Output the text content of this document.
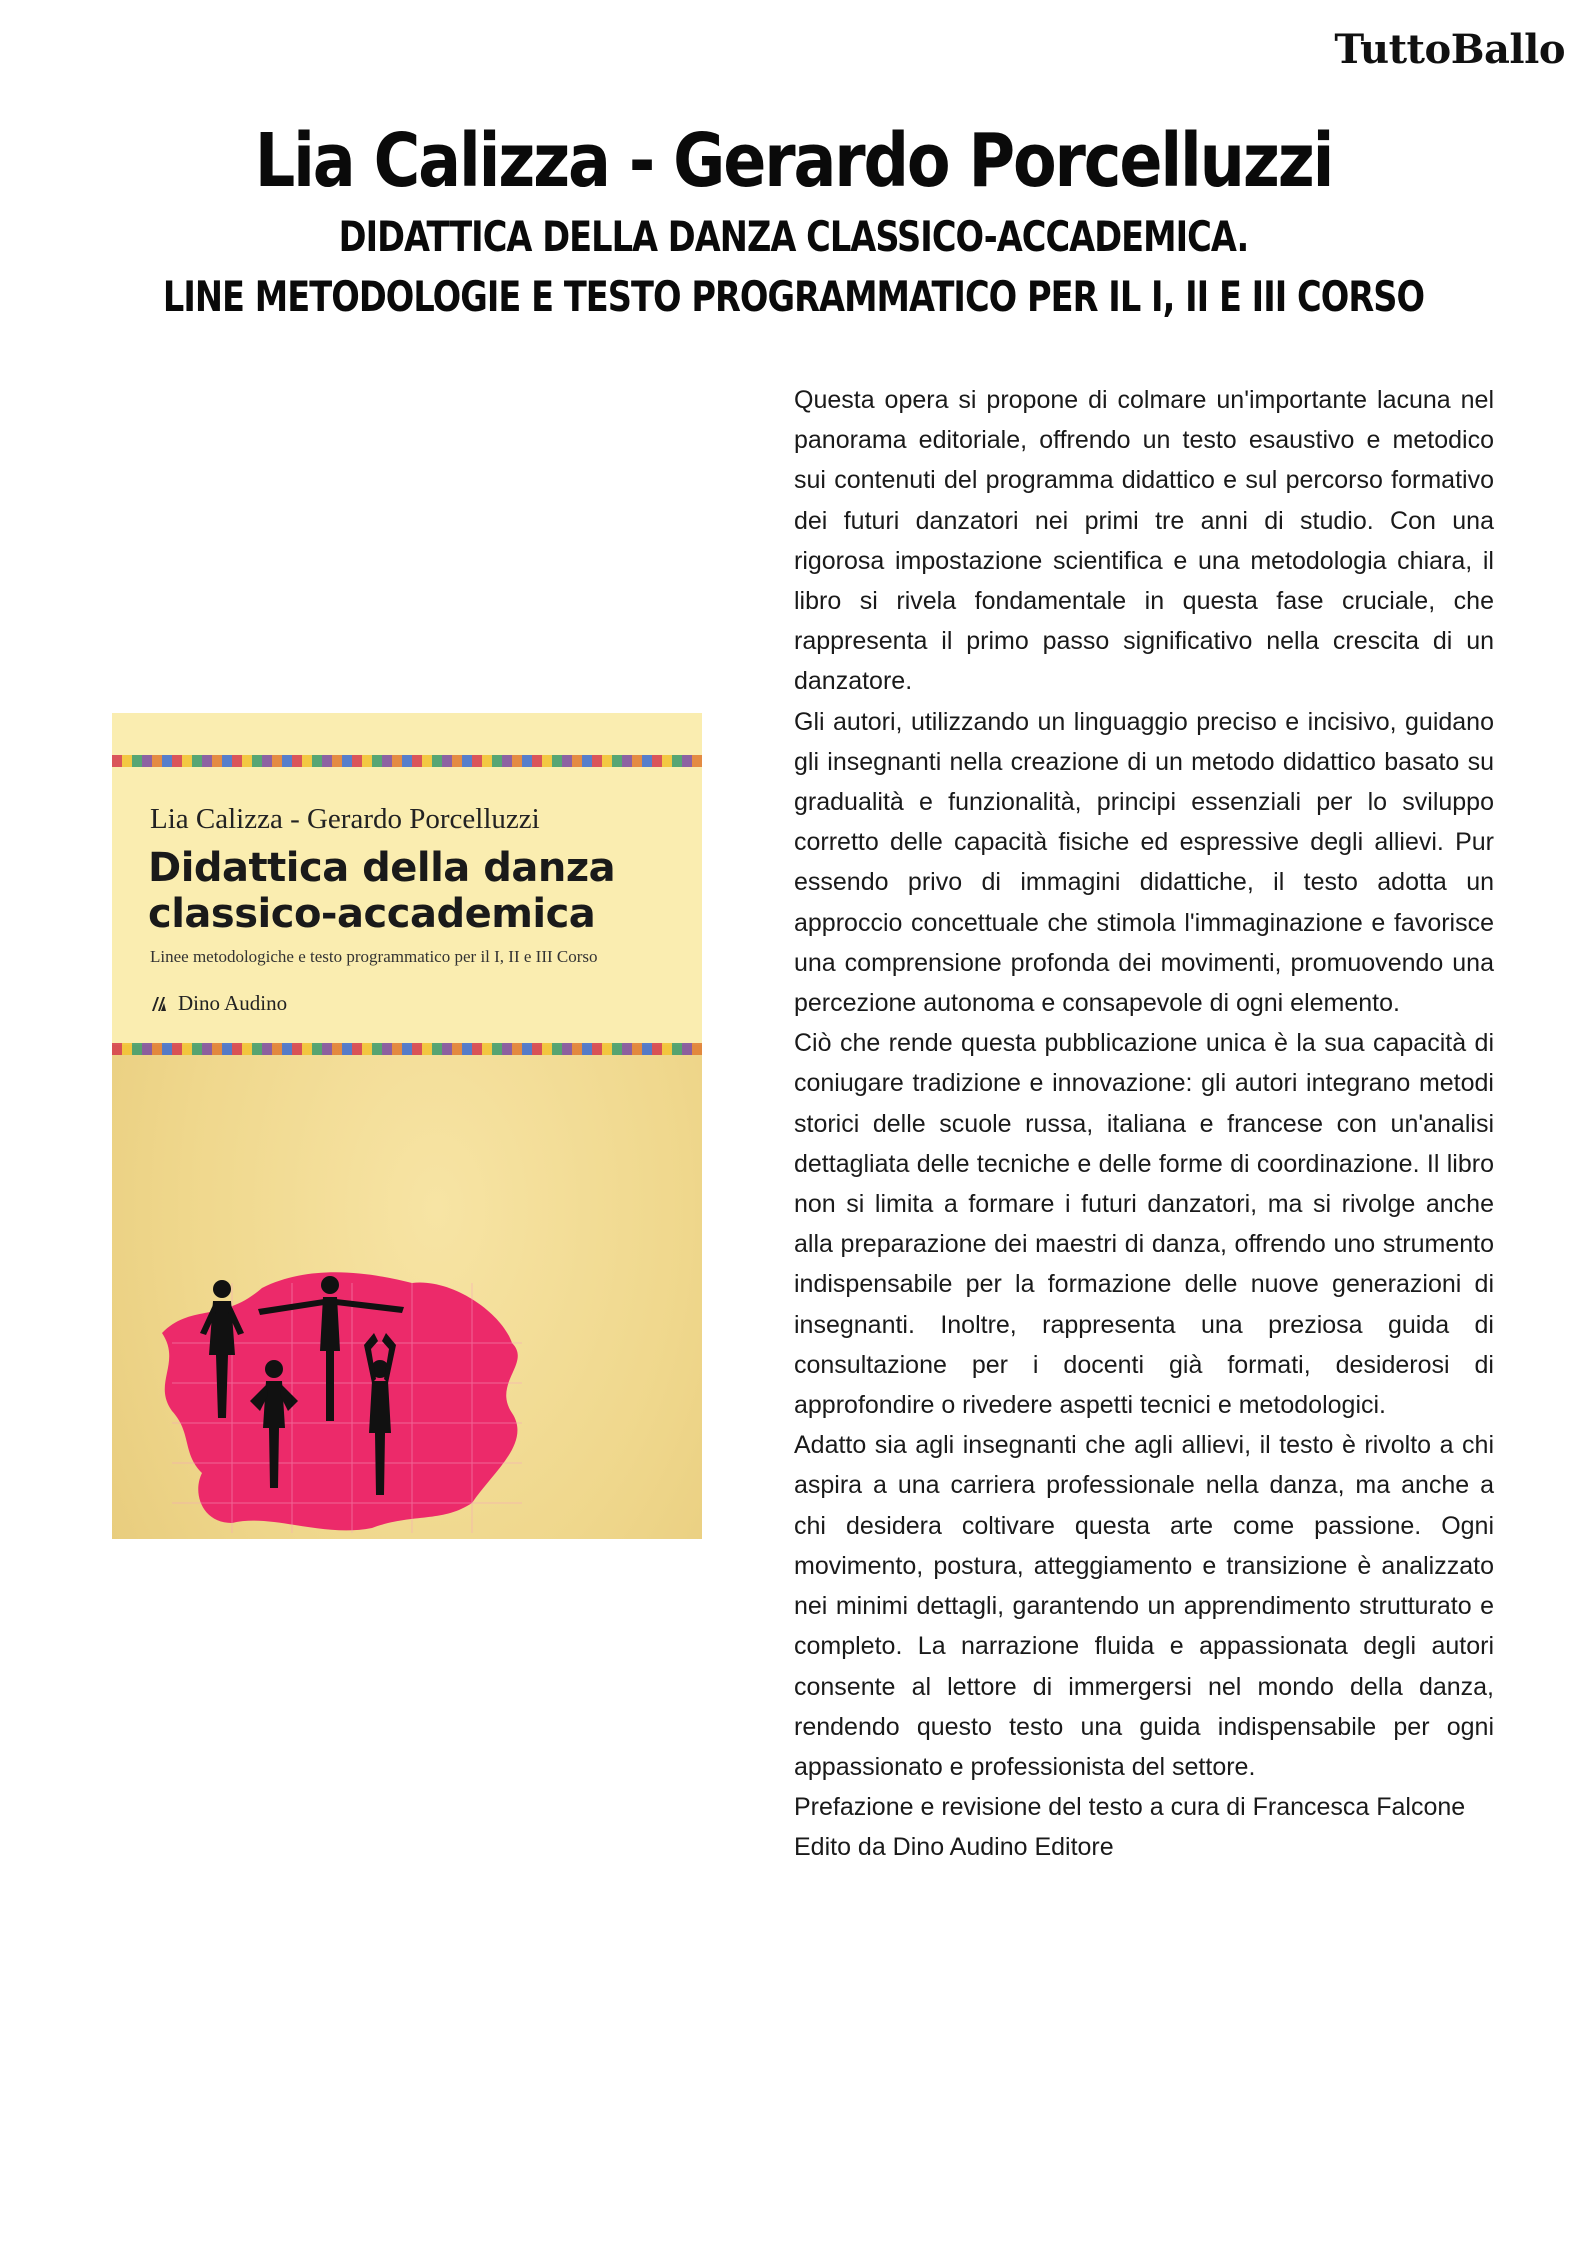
TuttoBallo
Lia Calizza - Gerardo Porcelluzzi
DIDATTICA DELLA DANZA CLASSICO-ACCADEMICA.
LINE METODOLOGIE E TESTO PROGRAMMATICO PER IL I, II E III CORSO
Lia Calizza - Gerardo Porcelluzzi
Didattica della danza
classico-accademica
Linee metodologiche e testo programmatico per il I, II e III Corso
Dino Audino

Questa opera si propone di colmare un'importante lacuna nel panorama editoriale, offrendo un testo esaustivo e metodico sui contenuti del programma didattico e sul percorso formativo dei futuri danzatori nei primi tre anni di studio. Con una rigorosa impostazione scientifica e una metodologia chiara, il libro si rivela fondamentale in questa fase cruciale, che rappresenta il primo passo significativo nella crescita di un danzatore.

Gli autori, utilizzando un linguaggio preciso e incisivo, guidano gli insegnanti nella creazione di un metodo didattico basato su gradualità e funzionalità, principi essenziali per lo sviluppo corretto delle capacità fisiche ed espressive degli allievi. Pur essendo privo di immagini didattiche, il testo adotta un approccio concettuale che stimola l'immaginazione e favorisce una comprensione profonda dei movimenti, promuovendo una percezione autonoma e consapevole di ogni elemento.

Ciò che rende questa pubblicazione unica è la sua capacità di coniugare tradizione e innovazione: gli autori integrano metodi storici delle scuole russa, italiana e francese con un'analisi dettagliata delle tecniche e delle forme di coordinazione. Il libro non si limita a formare i futuri danzatori, ma si rivolge anche alla preparazione dei maestri di danza, offrendo uno strumento indispensabile per la formazione delle nuove generazioni di insegnanti. Inoltre, rappresenta una preziosa guida di consultazione per i docenti già formati, desiderosi di approfondire o rivedere aspetti tecnici e metodologici.

Adatto sia agli insegnanti che agli allievi, il testo è rivolto a chi aspira a una carriera professionale nella danza, ma anche a chi desidera coltivare questa arte come passione. Ogni movimento, postura, atteggiamento e transizione è analizzato nei minimi dettagli, garantendo un apprendimento strutturato e completo. La narrazione fluida e appassionata degli autori consente al lettore di immergersi nel mondo della danza, rendendo questo testo una guida indispensabile per ogni appassionato e professionista del settore.

Prefazione e revisione del testo a cura di Francesca Falcone

Edito da Dino Audino Editore
